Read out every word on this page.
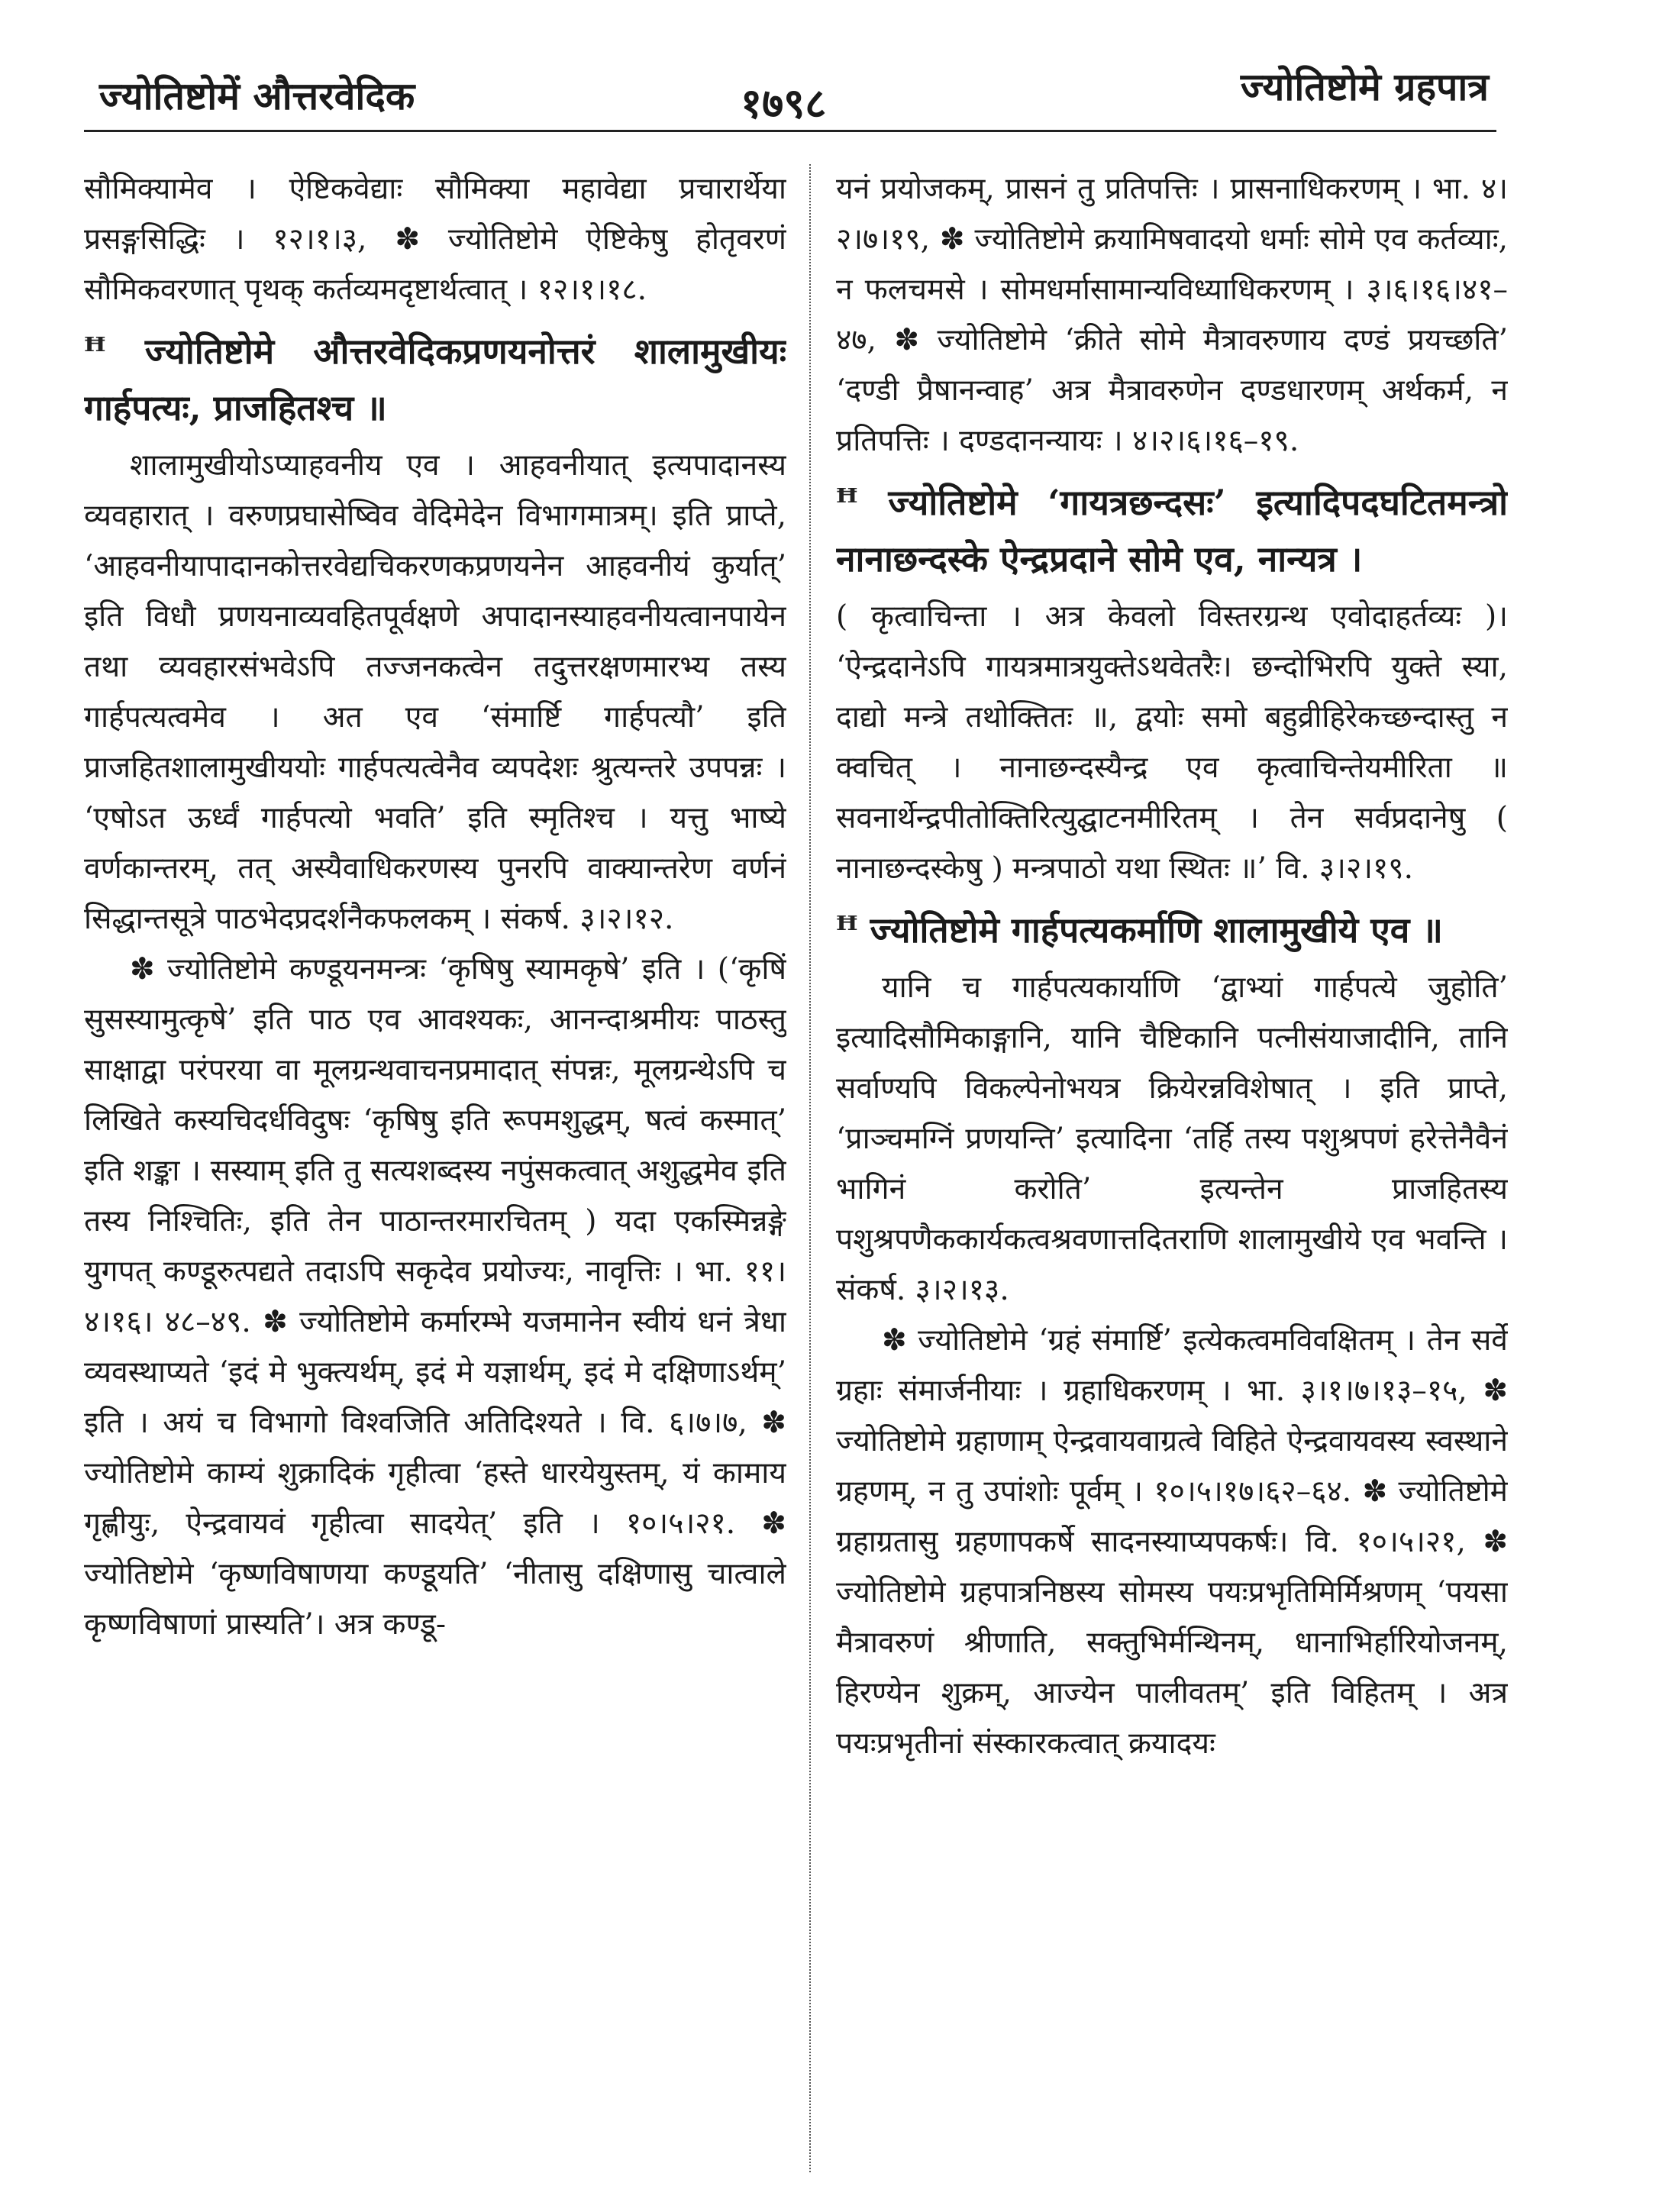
ज्योतिष्टोमें औत्तरवेदिक	१७९८	ज्योतिष्टोमे ग्रहपात्र

सौमिक्यामेव । ऐष्टिकवेद्याः सौमिक्या महावेद्या प्रचारार्थेया प्रसङ्गसिद्धिः । १२।१।३, ✽ ज्योतिष्टोमे ऐष्टिकेषु होतृवरणं सौमिकवरणात् पृथक् कर्तव्यमदृष्टार्थत्वात् । १२।१।१८.

ꟸ ज्योतिष्टोमे औत्तरवेदिकप्रणयनोत्तरं शालामुखीयः गार्हपत्यः, प्राजहितश्च ॥

शालामुखीयोऽप्याहवनीय एव । आहवनीयात् इत्यपादानस्य व्यवहारात् । वरुणप्रघासेष्विव वेदिमेदेन विभागमात्रम्। इति प्राप्ते, ‘आहवनीयापादानकोत्तरवेद्यचिकरणकप्रणयनेन आहवनीयं कुर्यात्’ इति विधौ प्रणयनाव्यवहितपूर्वक्षणे अपादानस्याहवनीयत्वानपायेन तथा व्यवहारसंभवेऽपि तज्जनकत्वेन तदुत्तरक्षणमारभ्य तस्य गार्हपत्यत्वमेव । अत एव ‘संमार्ष्टि गार्हपत्यौ’ इति प्राजहितशालामुखीययोः गार्हपत्यत्वेनैव व्यपदेशः श्रुत्यन्तरे उपपन्नः । ‘एषोऽत ऊर्ध्वं गार्हपत्यो भवति’ इति स्मृतिश्च । यत्तु भाष्ये वर्णकान्तरम्, तत् अस्यैवाधिकरणस्य पुनरपि वाक्यान्तरेण वर्णनं सिद्धान्तसूत्रे पाठभेदप्रदर्शनैकफलकम् । संकर्ष. ३।२।१२.

✽ ज्योतिष्टोमे कण्डूयनमन्त्रः ‘कृषिषु स्यामकृषे’ इति । (‘कृषिं सुसस्यामुत्कृषे’ इति पाठ एव आवश्यकः, आनन्दाश्रमीयः पाठस्तु साक्षाद्वा परंपरया वा मूलग्रन्थवाचनप्रमादात् संपन्नः, मूलग्रन्थेऽपि च लिखिते कस्यचिदर्धविदुषः ‘कृषिषु इति रूपमशुद्धम्, षत्वं कस्मात्’ इति शङ्का । सस्याम् इति तु सत्यशब्दस्य नपुंसकत्वात् अशुद्धमेव इति तस्य निश्चितिः, इति तेन पाठान्तरमारचितम् ) यदा एकस्मिन्नङ्गे युगपत् कण्डूरुत्पद्यते तदाऽपि सकृदेव प्रयोज्यः, नावृत्तिः । भा. ११।४।१६। ४८–४९. ✽ ज्योतिष्टोमे कर्मारम्भे यजमानेन स्वीयं धनं त्रेधा व्यवस्थाप्यते ‘इदं मे भुक्त्यर्थम्, इदं मे यज्ञार्थम्, इदं मे दक्षिणाऽर्थम्’ इति । अयं च विभागो विश्वजिति अतिदिश्यते । वि. ६।७।७, ✽ ज्योतिष्टोमे काम्यं शुक्रादिकं गृहीत्वा ‘हस्ते धारयेयुस्तम्, यं कामाय गृह्णीयुः, ऐन्द्रवायवं गृहीत्वा सादयेत्’ इति । १०।५।२१. ✽ ज्योतिष्टोमे ‘कृष्णविषाणया कण्डूयति’ ‘नीतासु दक्षिणासु चात्वाले कृष्णविषाणां प्रास्यति’। अत्र कण्डू-

यनं प्रयोजकम्, प्रासनं तु प्रतिपत्तिः । प्रासनाधिकरणम् । भा. ४।२।७।१९, ✽ ज्योतिष्टोमे क्रयामिषवादयो धर्माः सोमे एव कर्तव्याः, न फलचमसे । सोमधर्मासामान्यविध्याधिकरणम् । ३।६।१६।४१–४७, ✽ ज्योतिष्टोमे ‘क्रीते सोमे मैत्रावरुणाय दण्डं प्रयच्छति’ ‘दण्डी प्रैषानन्वाह’ अत्र मैत्रावरुणेन दण्डधारणम् अर्थकर्म, न प्रतिपत्तिः । दण्डदानन्यायः । ४।२।६।१६–१९.

ꟸ ज्योतिष्टोमे ‘गायत्रछन्दसः’ इत्यादिपदघटितमन्त्रो नानाछन्दस्के ऐन्द्रप्रदाने सोमे एव, नान्यत्र ।

( कृत्वाचिन्ता । अत्र केवलो विस्तरग्रन्थ एवोदाहर्तव्यः )। ‘ऐन्द्रदानेऽपि गायत्रमात्रयुक्तेऽथवेतरैः। छन्दोभिरपि युक्ते स्या, दाद्यो मन्त्रे तथोक्तितः ॥, द्वयोः समो बहुव्रीहिरेकच्छन्दास्तु न क्वचित् । नानाछन्दस्यैन्द्र एव कृत्वाचिन्तेयमीरिता ॥ सवनार्थेन्द्रपीतोक्तिरित्युद्घाटनमीरितम् । तेन सर्वप्रदानेषु ( नानाछन्दस्केषु ) मन्त्रपाठो यथा स्थितः ॥’ वि. ३।२।१९.

ꟸ ज्योतिष्टोमे गार्हपत्यकर्माणि शालामुखीये एव ॥

यानि च गार्हपत्यकार्याणि ‘द्वाभ्यां गार्हपत्ये जुहोति’ इत्यादिसौमिकाङ्गानि, यानि चैष्टिकानि पत्नीसंयाजादीनि, तानि सर्वाण्यपि विकल्पेनोभयत्र क्रियेरन्नविशेषात् । इति प्राप्ते, ‘प्राञ्चमग्निं प्रणयन्ति’ इत्यादिना ‘तर्हि तस्य पशुश्रपणं हरेत्तेनैवैनं भागिनं करोति’ इत्यन्तेन प्राजहितस्य पशुश्रपणैककार्यकत्वश्रवणात्तदितराणि शालामुखीये एव भवन्ति । संकर्ष. ३।२।१३.

✽ ज्योतिष्टोमे ‘ग्रहं संमार्ष्टि’ इत्येकत्वमविवक्षितम् । तेन सर्वे ग्रहाः संमार्जनीयाः । ग्रहाधिकरणम् । भा. ३।१।७।१३–१५, ✽ ज्योतिष्टोमे ग्रहाणाम् ऐन्द्रवायवाग्रत्वे विहिते ऐन्द्रवायवस्य स्वस्थाने ग्रहणम्, न तु उपांशोः पूर्वम् । १०।५।१७।६२–६४. ✽ ज्योतिष्टोमे ग्रहाग्रतासु ग्रहणापकर्षे सादनस्याप्यपकर्षः। वि. १०।५।२१, ✽ ज्योतिष्टोमे ग्रहपात्रनिष्ठस्य सोमस्य पयःप्रभृतिमिर्मिश्रणम् ‘पयसा मैत्रावरुणं श्रीणाति, सक्तुभिर्मन्थिनम्, धानाभिर्हारियोजनम्, हिरण्येन शुक्रम्, आज्येन पालीवतम्’ इति विहितम् । अत्र पयःप्रभृतीनां संस्कारकत्वात् क्रयादयः
